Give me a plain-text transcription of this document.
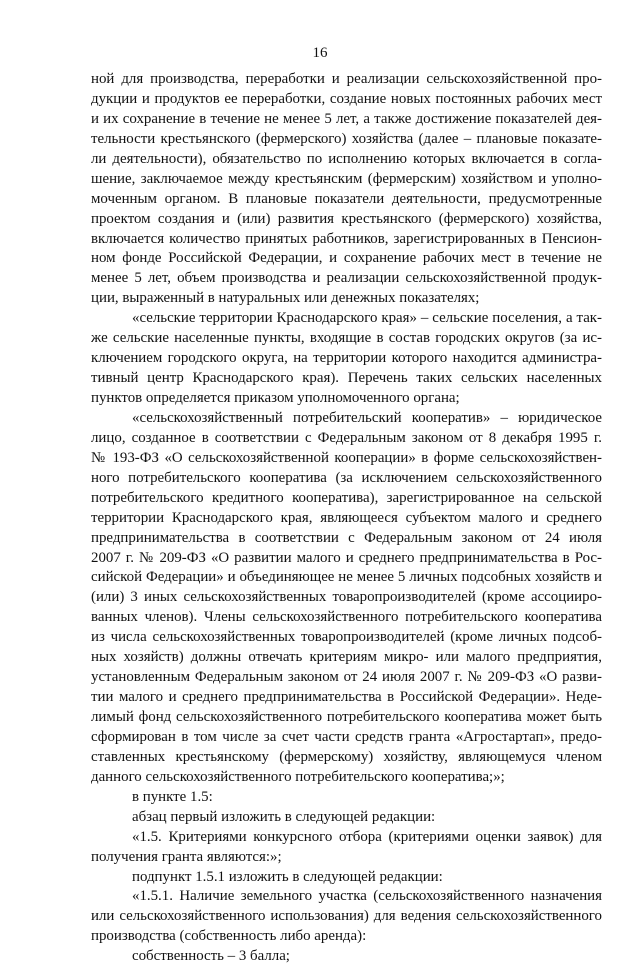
16
ной для производства, переработки и реализации сельскохозяйственной про-
дукции и продуктов ее переработки, создание новых постоянных рабочих мест
и их сохранение в течение не менее 5 лет, а также достижение показателей дея-
тельности крестьянского (фермерского) хозяйства (далее – плановые показате-
ли деятельности), обязательство по исполнению которых включается в согла-
шение, заключаемое между крестьянским (фермерским) хозяйством и уполно-
моченным органом. В плановые показатели деятельности, предусмотренные
проектом создания и (или) развития крестьянского (фермерского) хозяйства,
включается количество принятых работников, зарегистрированных в Пенсион-
ном фонде Российской Федерации, и сохранение рабочих мест в течение не
менее 5 лет, объем производства и реализации сельскохозяйственной продук-
ции, выраженный в натуральных или денежных показателях;
«сельские территории Краснодарского края» – сельские поселения, а так-
же сельские населенные пункты, входящие в состав городских округов (за ис-
ключением городского округа, на территории которого находится администра-
тивный центр Краснодарского края). Перечень таких сельских населенных
пунктов определяется приказом уполномоченного органа;
«сельскохозяйственный потребительский кооператив» – юридическое
лицо, созданное в соответствии с Федеральным законом от 8 декабря 1995 г.
№ 193-ФЗ «О сельскохозяйственной кооперации» в форме сельскохозяйствен-
ного потребительского кооператива (за исключением сельскохозяйственного
потребительского кредитного кооператива), зарегистрированное на сельской
территории Краснодарского края, являющееся субъектом малого и среднего
предпринимательства в соответствии с Федеральным законом от 24 июля
2007 г. № 209-ФЗ «О развитии малого и среднего предпринимательства в Рос-
сийской Федерации» и объединяющее не менее 5 личных подсобных хозяйств и
(или) 3 иных сельскохозяйственных товаропроизводителей (кроме ассоцииро-
ванных членов). Члены сельскохозяйственного потребительского кооператива
из числа сельскохозяйственных товаропроизводителей (кроме личных подсоб-
ных хозяйств) должны отвечать критериям микро- или малого предприятия,
установленным Федеральным законом от 24 июля 2007 г. № 209-ФЗ «О разви-
тии малого и среднего предпринимательства в Российской Федерации». Неде-
лимый фонд сельскохозяйственного потребительского кооператива может быть
сформирован в том числе за счет части средств гранта «Агростартап», предо-
ставленных крестьянскому (фермерскому) хозяйству, являющемуся членом
данного сельскохозяйственного потребительского кооператива;»;
в пункте 1.5:
абзац первый изложить в следующей редакции:
«1.5. Критериями конкурсного отбора (критериями оценки заявок) для
получения гранта являются:»;
подпункт 1.5.1 изложить в следующей редакции:
«1.5.1. Наличие земельного участка (сельскохозяйственного назначения
или сельскохозяйственного использования) для ведения сельскохозяйственного
производства (собственность либо аренда):
собственность – 3 балла;
